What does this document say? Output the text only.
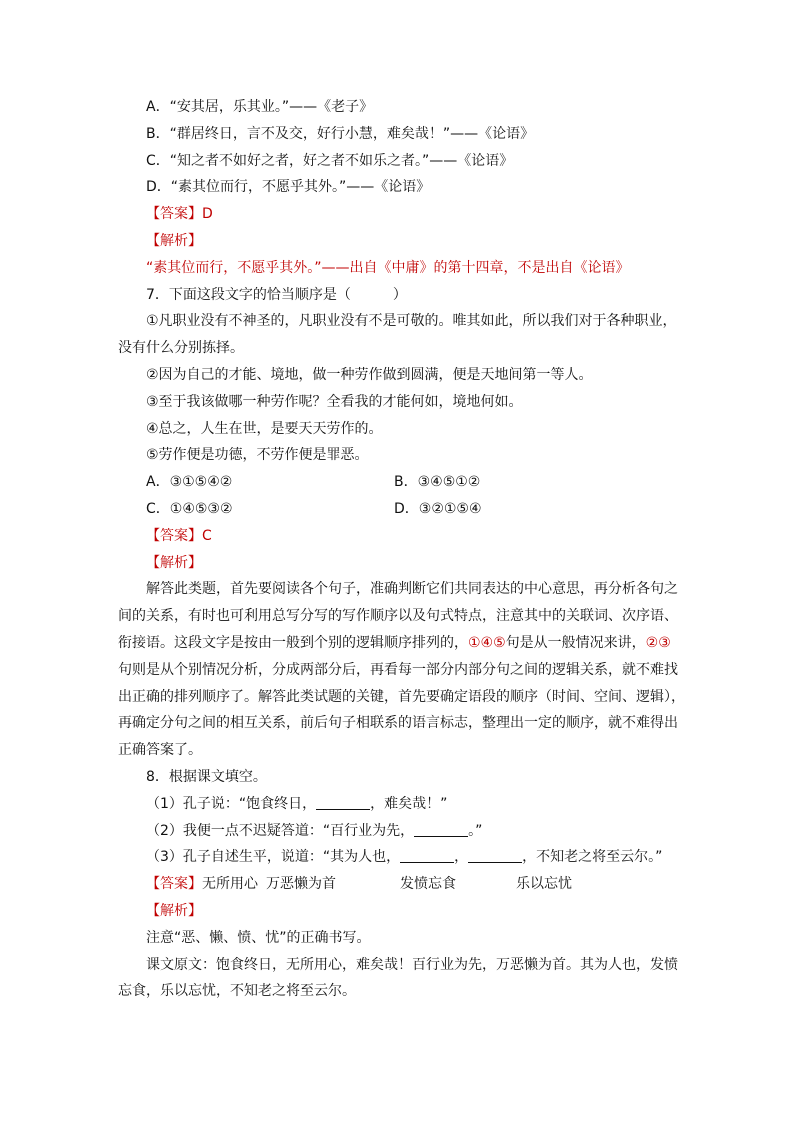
A．“安其居，乐其业。”——《老子》
B．“群居终日，言不及交，好行小慧，难矣哉！”——《论语》
C．“知之者不如好之者，好之者不如乐之者。”——《论语》
D．“素其位而行，不愿乎其外。”——《论语》
【答案】D
【解析】
“素其位而行，不愿乎其外。”——出自《中庸》的第十四章，不是出自《论语》
7．下面这段文字的恰当顺序是（　　　）
①凡职业没有不神圣的，凡职业没有不是可敬的。唯其如此，所以我们对于各种职业，
没有什么分别拣择。
②因为自己的才能、境地，做一种劳作做到圆满，便是天地间第一等人。
③至于我该做哪一种劳作呢？全看我的才能何如，境地何如。
④总之，人生在世，是要天天劳作的。
⑤劳作便是功德，不劳作便是罪恶。
A．③①⑤④②	B．③④⑤①②
C．①④⑤③②	D．③②①⑤④
【答案】C
【解析】
解答此类题，首先要阅读各个句子，准确判断它们共同表达的中心意思，再分析各句之
间的关系，有时也可利用总写分写的写作顺序以及句式特点，注意其中的关联词、次序语、
衔接语。这段文字是按由一般到个别的逻辑顺序排列的，①④⑤句是从一般情况来讲，②③
句则是从个别情况分析，分成两部分后，再看每一部分内部分句之间的逻辑关系，就不难找
出正确的排列顺序了。解答此类试题的关键，首先要确定语段的顺序（时间、空间、逻辑），
再确定分句之间的相互关系，前后句子相联系的语言标志，整理出一定的顺序，就不难得出
正确答案了。
8．根据课文填空。
（1）孔子说：“饱食终日，	，难矣哉！”
（2）我便一点不迟疑答道：“百行业为先，	。”
（3）孔子自述生平，说道：“其为人也，	，	，不知老之将至云尔。”
【答案】无所用心 万恶懒为首	发愤忘食	乐以忘忧
【解析】
注意“恶、懒、愤、忧”的正确书写。
课文原文：饱食终日，无所用心，难矣哉！百行业为先，万恶懒为首。其为人也，发愤
忘食，乐以忘忧，不知老之将至云尔。
